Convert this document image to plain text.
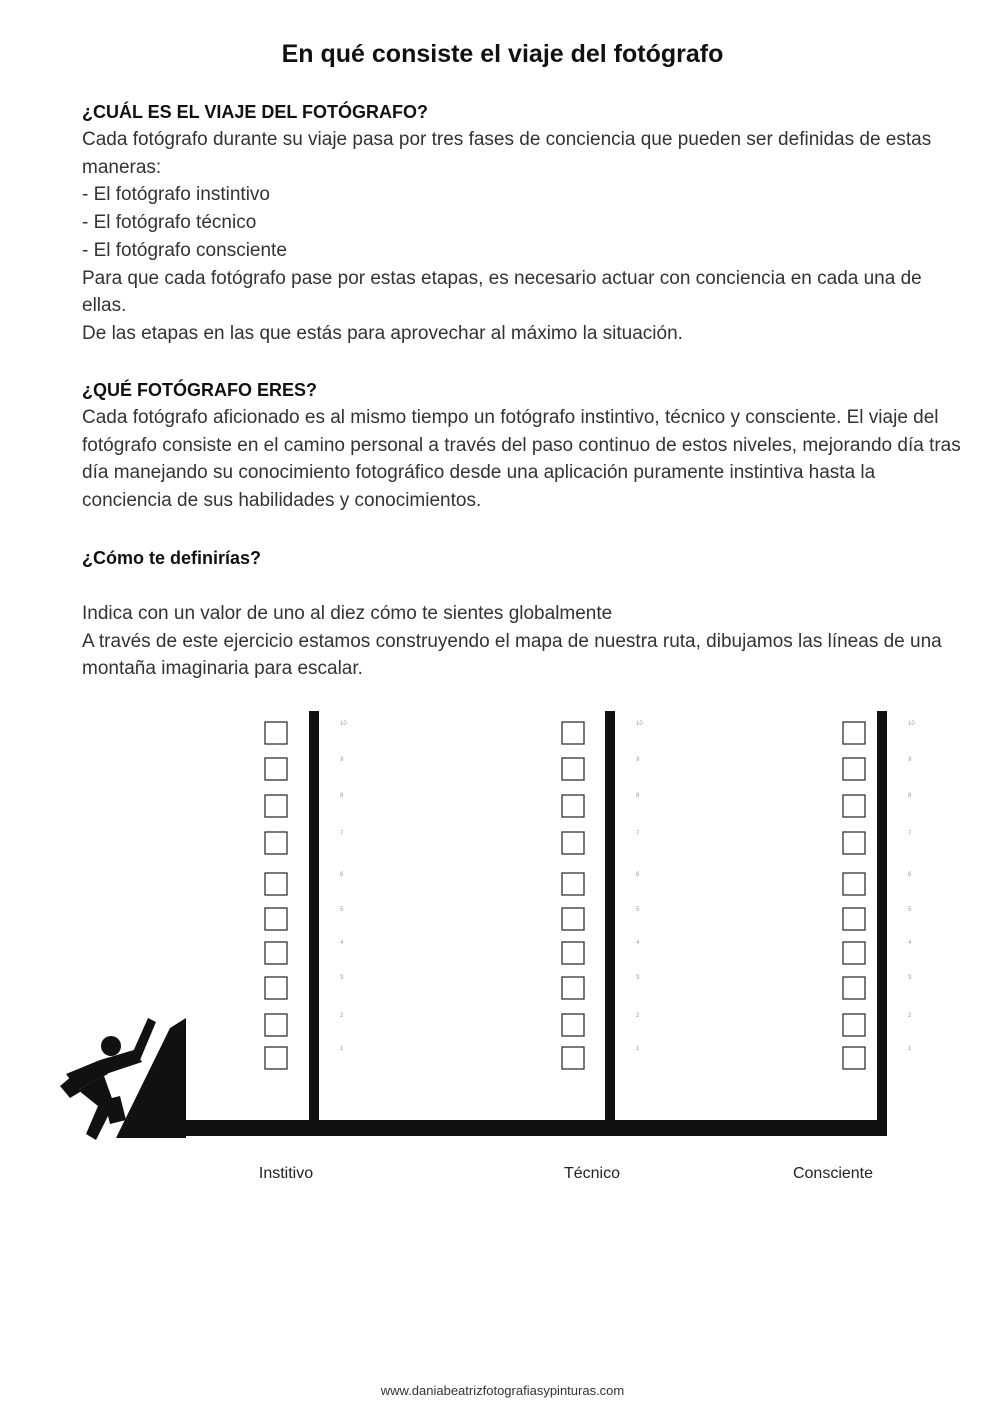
En qué consiste el viaje del fotógrafo

¿CUÁL ES EL VIAJE DEL FOTÓGRAFO?

Cada fotógrafo durante su viaje pasa por tres fases de conciencia que pueden ser definidas de estas maneras:

- El fotógrafo instintivo
- El fotógrafo técnico
- El fotógrafo consciente

Para que cada fotógrafo pase por estas etapas, es necesario actuar con conciencia en cada una de ellas.

De las etapas en las que estás para aprovechar al máximo la situación.

¿QUÉ FOTÓGRAFO ERES?

Cada fotógrafo aficionado es al mismo tiempo un fotógrafo instintivo, técnico y consciente. El viaje del fotógrafo consiste en el camino personal a través del paso continuo de estos niveles, mejorando día tras día manejando su conocimiento fotográfico desde una aplicación puramente instintiva hasta la conciencia de sus habilidades y conocimientos.

¿Cómo te definirías?

Indica con un valor de uno al diez cómo te sientes globalmente

A través de este ejercicio estamos construyendo el mapa de nuestra ruta, dibujamos las líneas de una montaña imaginaria para escalar.

10
9
8
7
6
5
4
3
2
1
10
9
8
7
6
5
4
3
2
1
10
9
8
7
6
5
4
3
2
1
Institivo	Técnico	Consciente
www.daniabeatrizfotografiasypinturas.com
